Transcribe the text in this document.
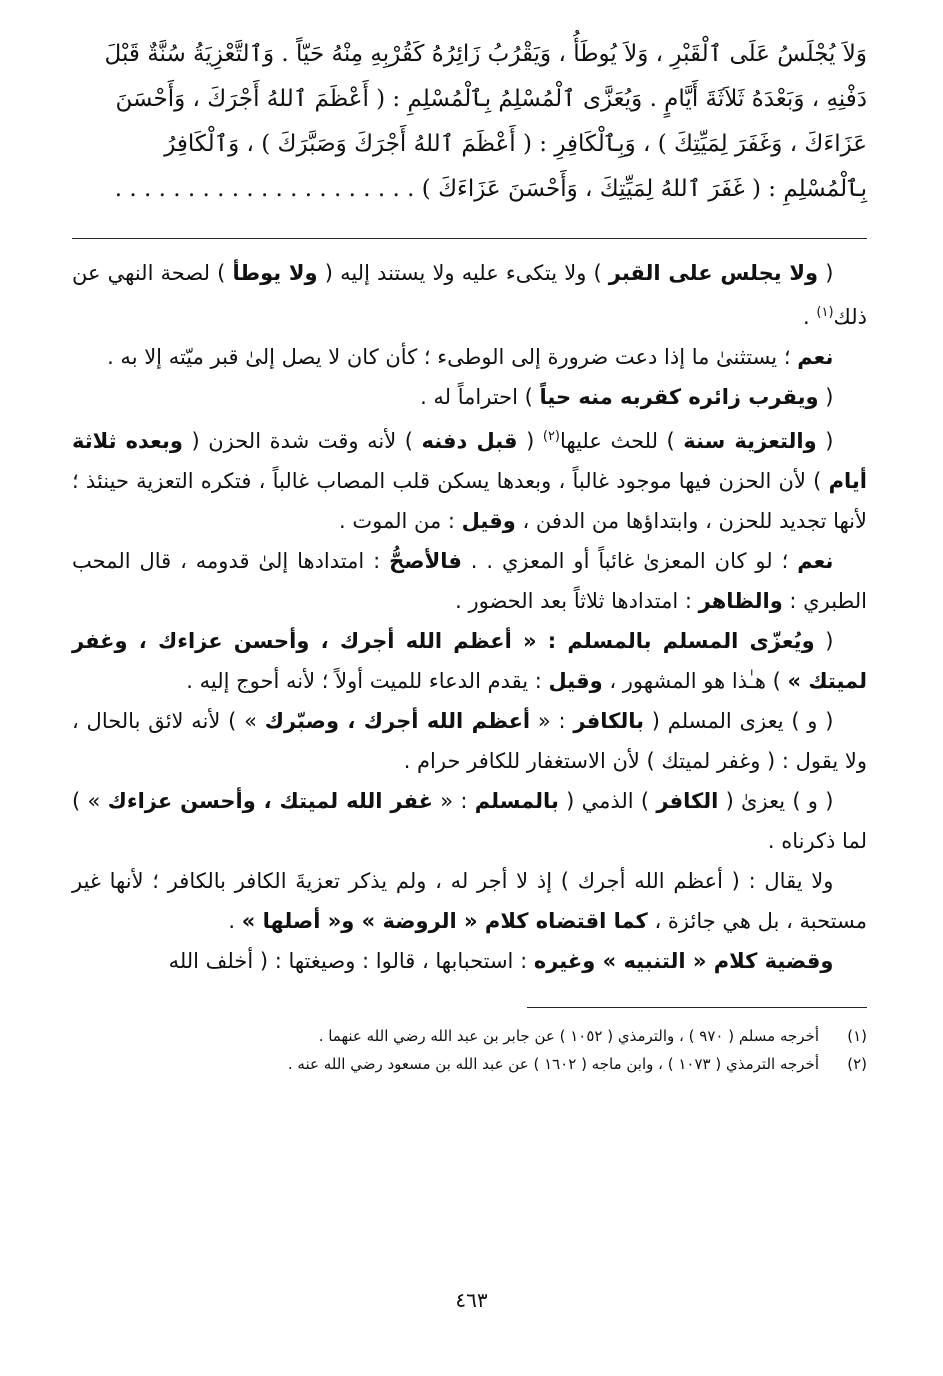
وَلاَ يُجْلَسُ عَلَى ٱلْقَبْرِ ، وَلاَ يُوطَأُ ، وَيَقْرُبُ زَائِرُهُ كَقُرْبِهِ مِنْهُ حَيّاً . وَٱلتَّعْزِيَةُ سُنَّةٌ قَبْلَ

دَفْنِهِ ، وَبَعْدَهُ ثَلاَثَةَ أَيَّامٍ . وَيُعَزَّى ٱلْمُسْلِمُ بِٱلْمُسْلِمِ : ( أَعْظَمَ ٱللهُ أَجْرَكَ ، وَأَحْسَنَ

عَزَاءَكَ ، وَغَفَرَ لِمَيِّتِكَ ) ، وَبِٱلْكَافِرِ : ( أَعْظَمَ ٱللهُ أَجْرَكَ وَصَبَّرَكَ ) ، وَٱلْكَافِرُ

بِٱلْمُسْلِمِ : ( غَفَرَ ٱللهُ لِمَيِّتِكَ ، وَأَحْسَنَ عَزَاءَكَ ) . . . . . . . . . . . . . . . . . . . . .

( ولا يجلس على القبر ) ولا يتكىء عليه ولا يستند إليه ( ولا يوطأ ) لصحة النهي عن ذلك$^{(١)}$ .

نعم ؛ يستثنىٰ ما إذا دعت ضرورة إلى الوطىء ؛ كأن كان لا يصل إلىٰ قبر ميّته إلا به .

( ويقرب زائره كقربه منه حياً ) احتراماً له .

( والتعزية سنة ) للحث عليها$^{(٢)}$ ( قبل دفنه ) لأنه وقت شدة الحزن ( وبعده ثلاثة أيام ) لأن الحزن فيها موجود غالباً ، وبعدها يسكن قلب المصاب غالباً ، فتكره التعزية حينئذ ؛ لأنها تجديد للحزن ، وابتداؤها من الدفن ، وقيل : من الموت .

نعم ؛ لو كان المعزىٰ غائباً أو المعزي . . فالأصحُّ : امتدادها إلىٰ قدومه ، قال المحب الطبري : والظاهر : امتدادها ثلاثاً بعد الحضور .

( ويُعزّى المسلم بالمسلم : « أعظم الله أجرك ، وأحسن عزاءك ، وغفر لميتك » ) هـٰذا هو المشهور ، وقيل : يقدم الدعاء للميت أولاً ؛ لأنه أحوج إليه .

( و ) يعزى المسلم ( بالكافر : « أعظم الله أجرك ، وصبّرك » ) لأنه لائق بالحال ، ولا يقول : ( وغفر لميتك ) لأن الاستغفار للكافر حرام .

( و ) يعزىٰ ( الكافر ) الذمي ( بالمسلم : « غفر الله لميتك ، وأحسن عزاءك » ) لما ذكرناه .

ولا يقال : ( أعظم الله أجرك ) إذ لا أجر له ، ولم يذكر تعزيةَ الكافر بالكافر ؛ لأنها غير مستحبة ، بل هي جائزة ، كما اقتضاه كلام « الروضة » و« أصلها » .

وقضية كلام « التنبيه » وغيره : استحبابها ، قالوا : وصيغتها : ( أخلف الله

(١)
أخرجه مسلم ( ٩٧٠ ) ، والترمذي ( ١٠٥٢ ) عن جابر بن عبد الله رضي الله عنهما .
(٢)
أخرجه الترمذي ( ١٠٧٣ ) ، وابن ماجه ( ١٦٠٢ ) عن عبد الله بن مسعود رضي الله عنه .
٤٦٣
